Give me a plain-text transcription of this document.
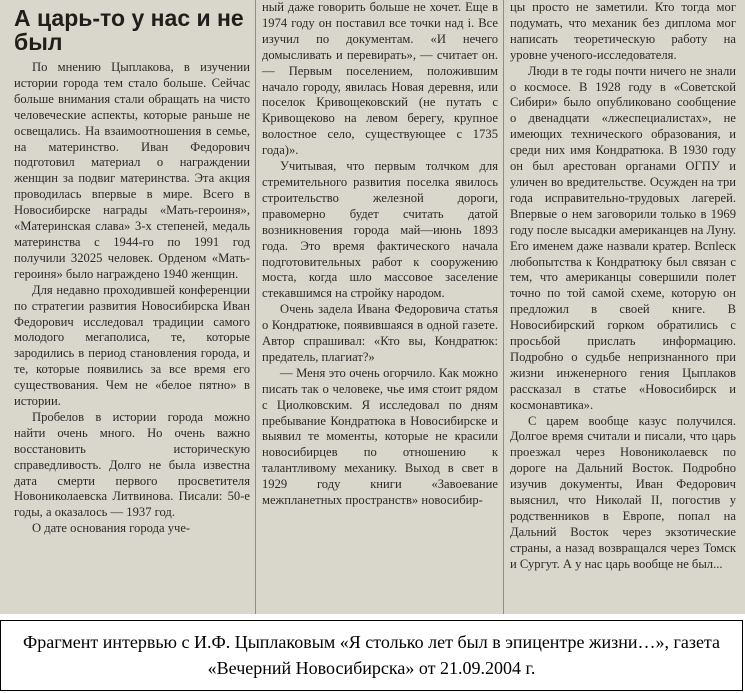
А царь-то у нас и не был

По мнению Цыплакова, в изучении истории города тем стало больше. Сейчас больше внимания стали обращать на чисто человеческие аспекты, которые раньше не освещались. На взаимоотношения в семье, на материнство. Иван Федорович подготовил материал о награждении женщин за подвиг материнства. Эта акция проводилась впервые в мире. Всего в Новосибирске награды «Мать-героиня», «Материнская слава» 3-х степеней, медаль материнства с 1944-го по 1991 год получили 32025 человек. Орденом «Мать-героиня» было награждено 1940 женщин.

Для недавно проходившей конференции по стратегии развития Новосибирска Иван Федорович исследовал традиции самого молодого мегаполиса, те, которые зародились в период становления города, и те, которые появились за все время его существования. Чем не «белое пятно» в истории.

Пробелов в истории города можно найти очень много. Но очень важно восстановить историческую справедливость. Долго не была известна дата смерти первого просветителя Новониколаевска Литвинова. Писали: 50-е годы, а оказалось — 1937 год.

О дате основания города уче-

ный даже говорить больше не хочет. Еще в 1974 году он поставил все точки над i. Все изучил по документам. «И нечего домысливать и перевирать», — считает он. — Первым поселением, положившим начало городу, явилась Новая деревня, или поселок Кривощековский (не путать с Кривощеково на левом берегу, крупное волостное село, существующее с 1735 года)».

Учитывая, что первым толчком для стремительного развития поселка явилось строительство железной дороги, правомерно будет считать датой возникновения города май—июнь 1893 года. Это время фактического начала подготовительных работ к сооружению моста, когда шло массовое заселение стекавшимся на стройку народом.

Очень задела Ивана Федоровича статья о Кондратюке, появившаяся в одной газете. Автор спрашивал: «Кто вы, Кондратюк: предатель, плагиат?»

— Меня это очень огорчило. Как можно писать так о человеке, чье имя стоит рядом с Циолковским. Я исследовал по дням пребывание Кондратюка в Новосибирске и выявил те моменты, которые не красили новосибирцев по отношению к талантливому механику. Выход в свет в 1929 году книги «Завоевание межпланетных пространств» новосибир-

цы просто не заметили. Кто тогда мог подумать, что механик без диплома мог написать теоретическую работу на уровне ученого-исследователя.

Люди в те годы почти ничего не знали о космосе. В 1928 году в «Советской Сибири» было опубликовано сообщение о двенадцати «лжеспециалистах», не имеющих технического образования, и среди них имя Кондратюка. В 1930 году он был арестован органами ОГПУ и уличен во вредительстве. Осужден на три года исправительно-трудовых лагерей. Впервые о нем заговорили только в 1969 году после высадки американцев на Луну. Его именем даже назвали кратер. Вспleск любопытства к Кондратюку был связан с тем, что американцы совершили полет точно по той самой схеме, которую он предложил в своей книге. В Новосибирский горком обратились с просьбой прислать информацию. Подробно о судьбе непризнанного при жизни инженерного гения Цыплаков рассказал в статье «Новосибирск и космонавтика».

С царем вообще казус получился. Долгое время считали и писали, что царь проезжал через Новониколаевск по дороге на Дальний Восток. Подробно изучив документы, Иван Федорович выяснил, что Николай II, погостив у родственников в Европе, попал на Дальний Восток через экзотические страны, а назад возвращался через Томск и Сургут. А у нас царь вообще не был...

Фрагмент интервью с И.Ф. Цыплаковым «Я столько лет был в эпицентре жизни…», газета «Вечерний Новосибирска» от 21.09.2004 г.
